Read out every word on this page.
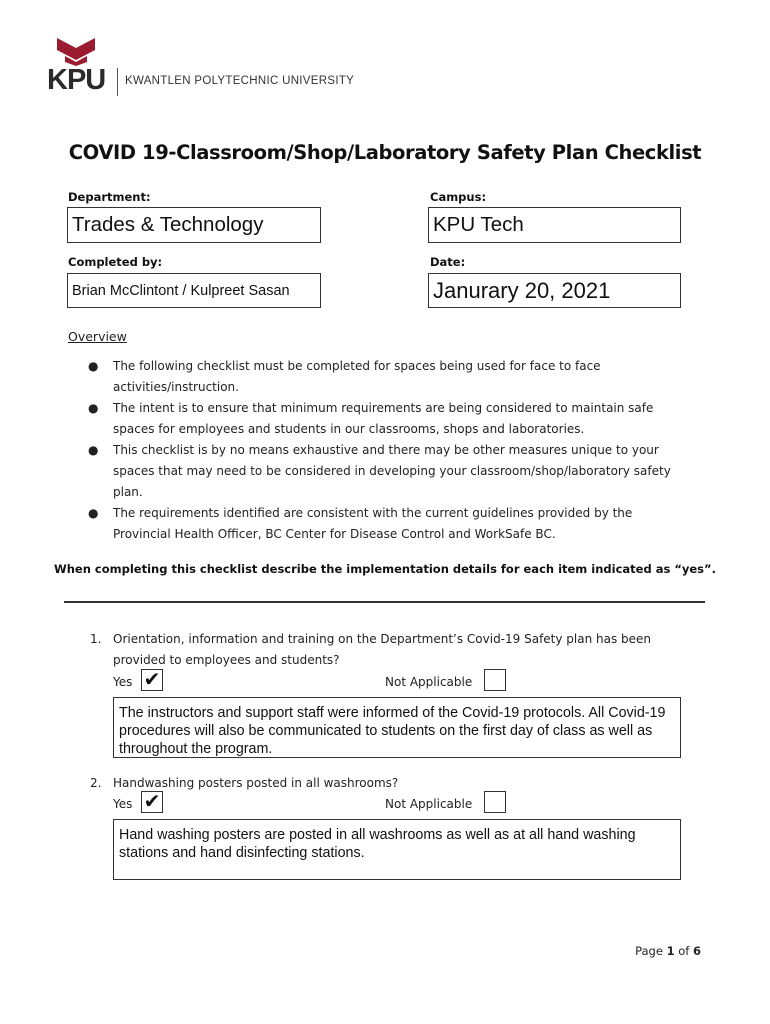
KPU KWANTLEN POLYTECHNIC UNIVERSITY
COVID 19-Classroom/Shop/Laboratory Safety Plan Checklist
Department:	Campus:
Trades & Technology	KPU Tech
Completed by:	Date:
Brian McClintont / Kulpreet Sasan	Janurary 20, 2021
Overview
● The following checklist must be completed for spaces being used for face to face activities/instruction.
● The intent is to ensure that minimum requirements are being considered to maintain safe spaces for employees and students in our classrooms, shops and laboratories.
● This checklist is by no means exhaustive and there may be other measures unique to your spaces that may need to be considered in developing your classroom/shop/laboratory safety plan.
● The requirements identified are consistent with the current guidelines provided by the Provincial Health Officer, BC Center for Disease Control and WorkSafe BC.
When completing this checklist describe the implementation details for each item indicated as “yes”.
1. Orientation, information and training on the Department’s Covid-19 Safety plan has been provided to employees and students?
Yes ✔	Not Applicable
The instructors and support staff were informed of the Covid-19 protocols. All Covid-19 procedures will also be communicated to students on the first day of class as well as throughout the program.
2. Handwashing posters posted in all washrooms?
Yes ✔	Not Applicable
Hand washing posters are posted in all washrooms as well as at all hand washing stations and hand disinfecting stations.
Page 1 of 6
